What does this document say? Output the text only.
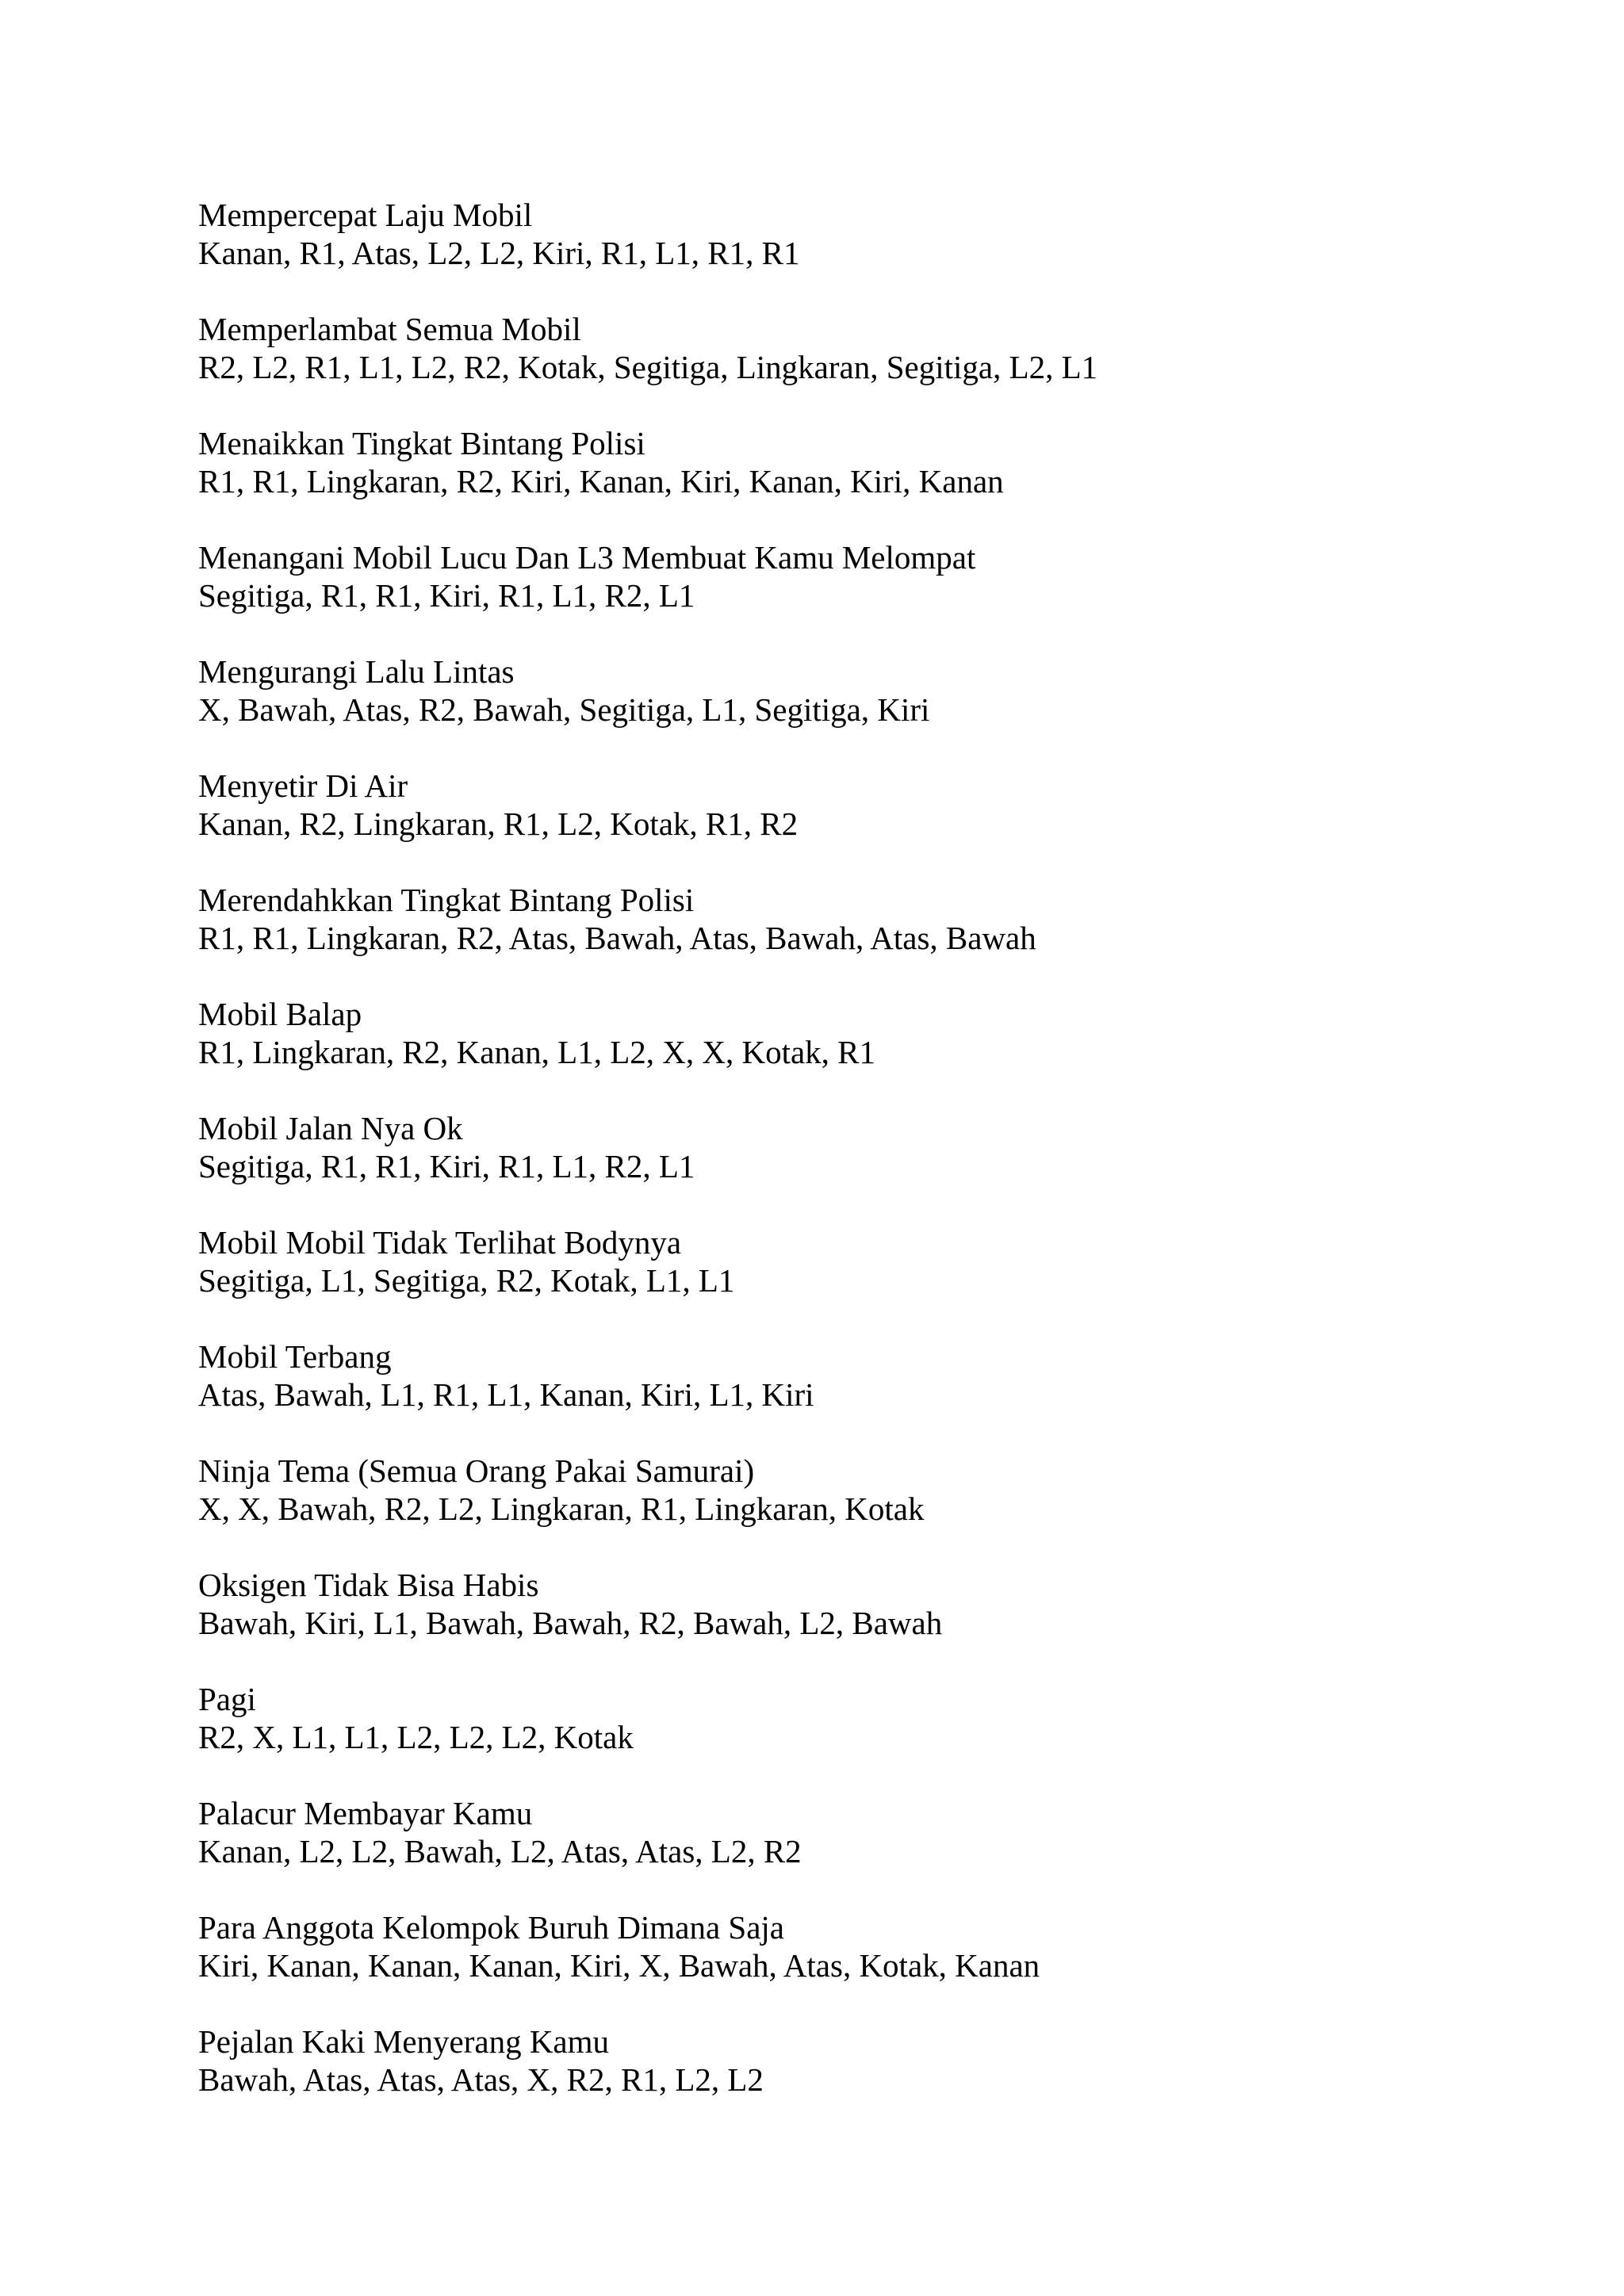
Mempercepat Laju Mobil
Kanan, R1, Atas, L2, L2, Kiri, R1, L1, R1, R1
Memperlambat Semua Mobil
R2, L2, R1, L1, L2, R2, Kotak, Segitiga, Lingkaran, Segitiga, L2, L1
Menaikkan Tingkat Bintang Polisi
R1, R1, Lingkaran, R2, Kiri, Kanan, Kiri, Kanan, Kiri, Kanan
Menangani Mobil Lucu Dan L3 Membuat Kamu Melompat
Segitiga, R1, R1, Kiri, R1, L1, R2, L1
Mengurangi Lalu Lintas
X, Bawah, Atas, R2, Bawah, Segitiga, L1, Segitiga, Kiri
Menyetir Di Air
Kanan, R2, Lingkaran, R1, L2, Kotak, R1, R2
Merendahkkan Tingkat Bintang Polisi
R1, R1, Lingkaran, R2, Atas, Bawah, Atas, Bawah, Atas, Bawah
Mobil Balap
R1, Lingkaran, R2, Kanan, L1, L2, X, X, Kotak, R1
Mobil Jalan Nya Ok
Segitiga, R1, R1, Kiri, R1, L1, R2, L1
Mobil Mobil Tidak Terlihat Bodynya
Segitiga, L1, Segitiga, R2, Kotak, L1, L1
Mobil Terbang
Atas, Bawah, L1, R1, L1, Kanan, Kiri, L1, Kiri
Ninja Tema (Semua Orang Pakai Samurai)
X, X, Bawah, R2, L2, Lingkaran, R1, Lingkaran, Kotak
Oksigen Tidak Bisa Habis
Bawah, Kiri, L1, Bawah, Bawah, R2, Bawah, L2, Bawah
Pagi
R2, X, L1, L1, L2, L2, L2, Kotak
Palacur Membayar Kamu
Kanan, L2, L2, Bawah, L2, Atas, Atas, L2, R2
Para Anggota Kelompok Buruh Dimana Saja
Kiri, Kanan, Kanan, Kanan, Kiri, X, Bawah, Atas, Kotak, Kanan
Pejalan Kaki Menyerang Kamu
Bawah, Atas, Atas, Atas, X, R2, R1, L2, L2
